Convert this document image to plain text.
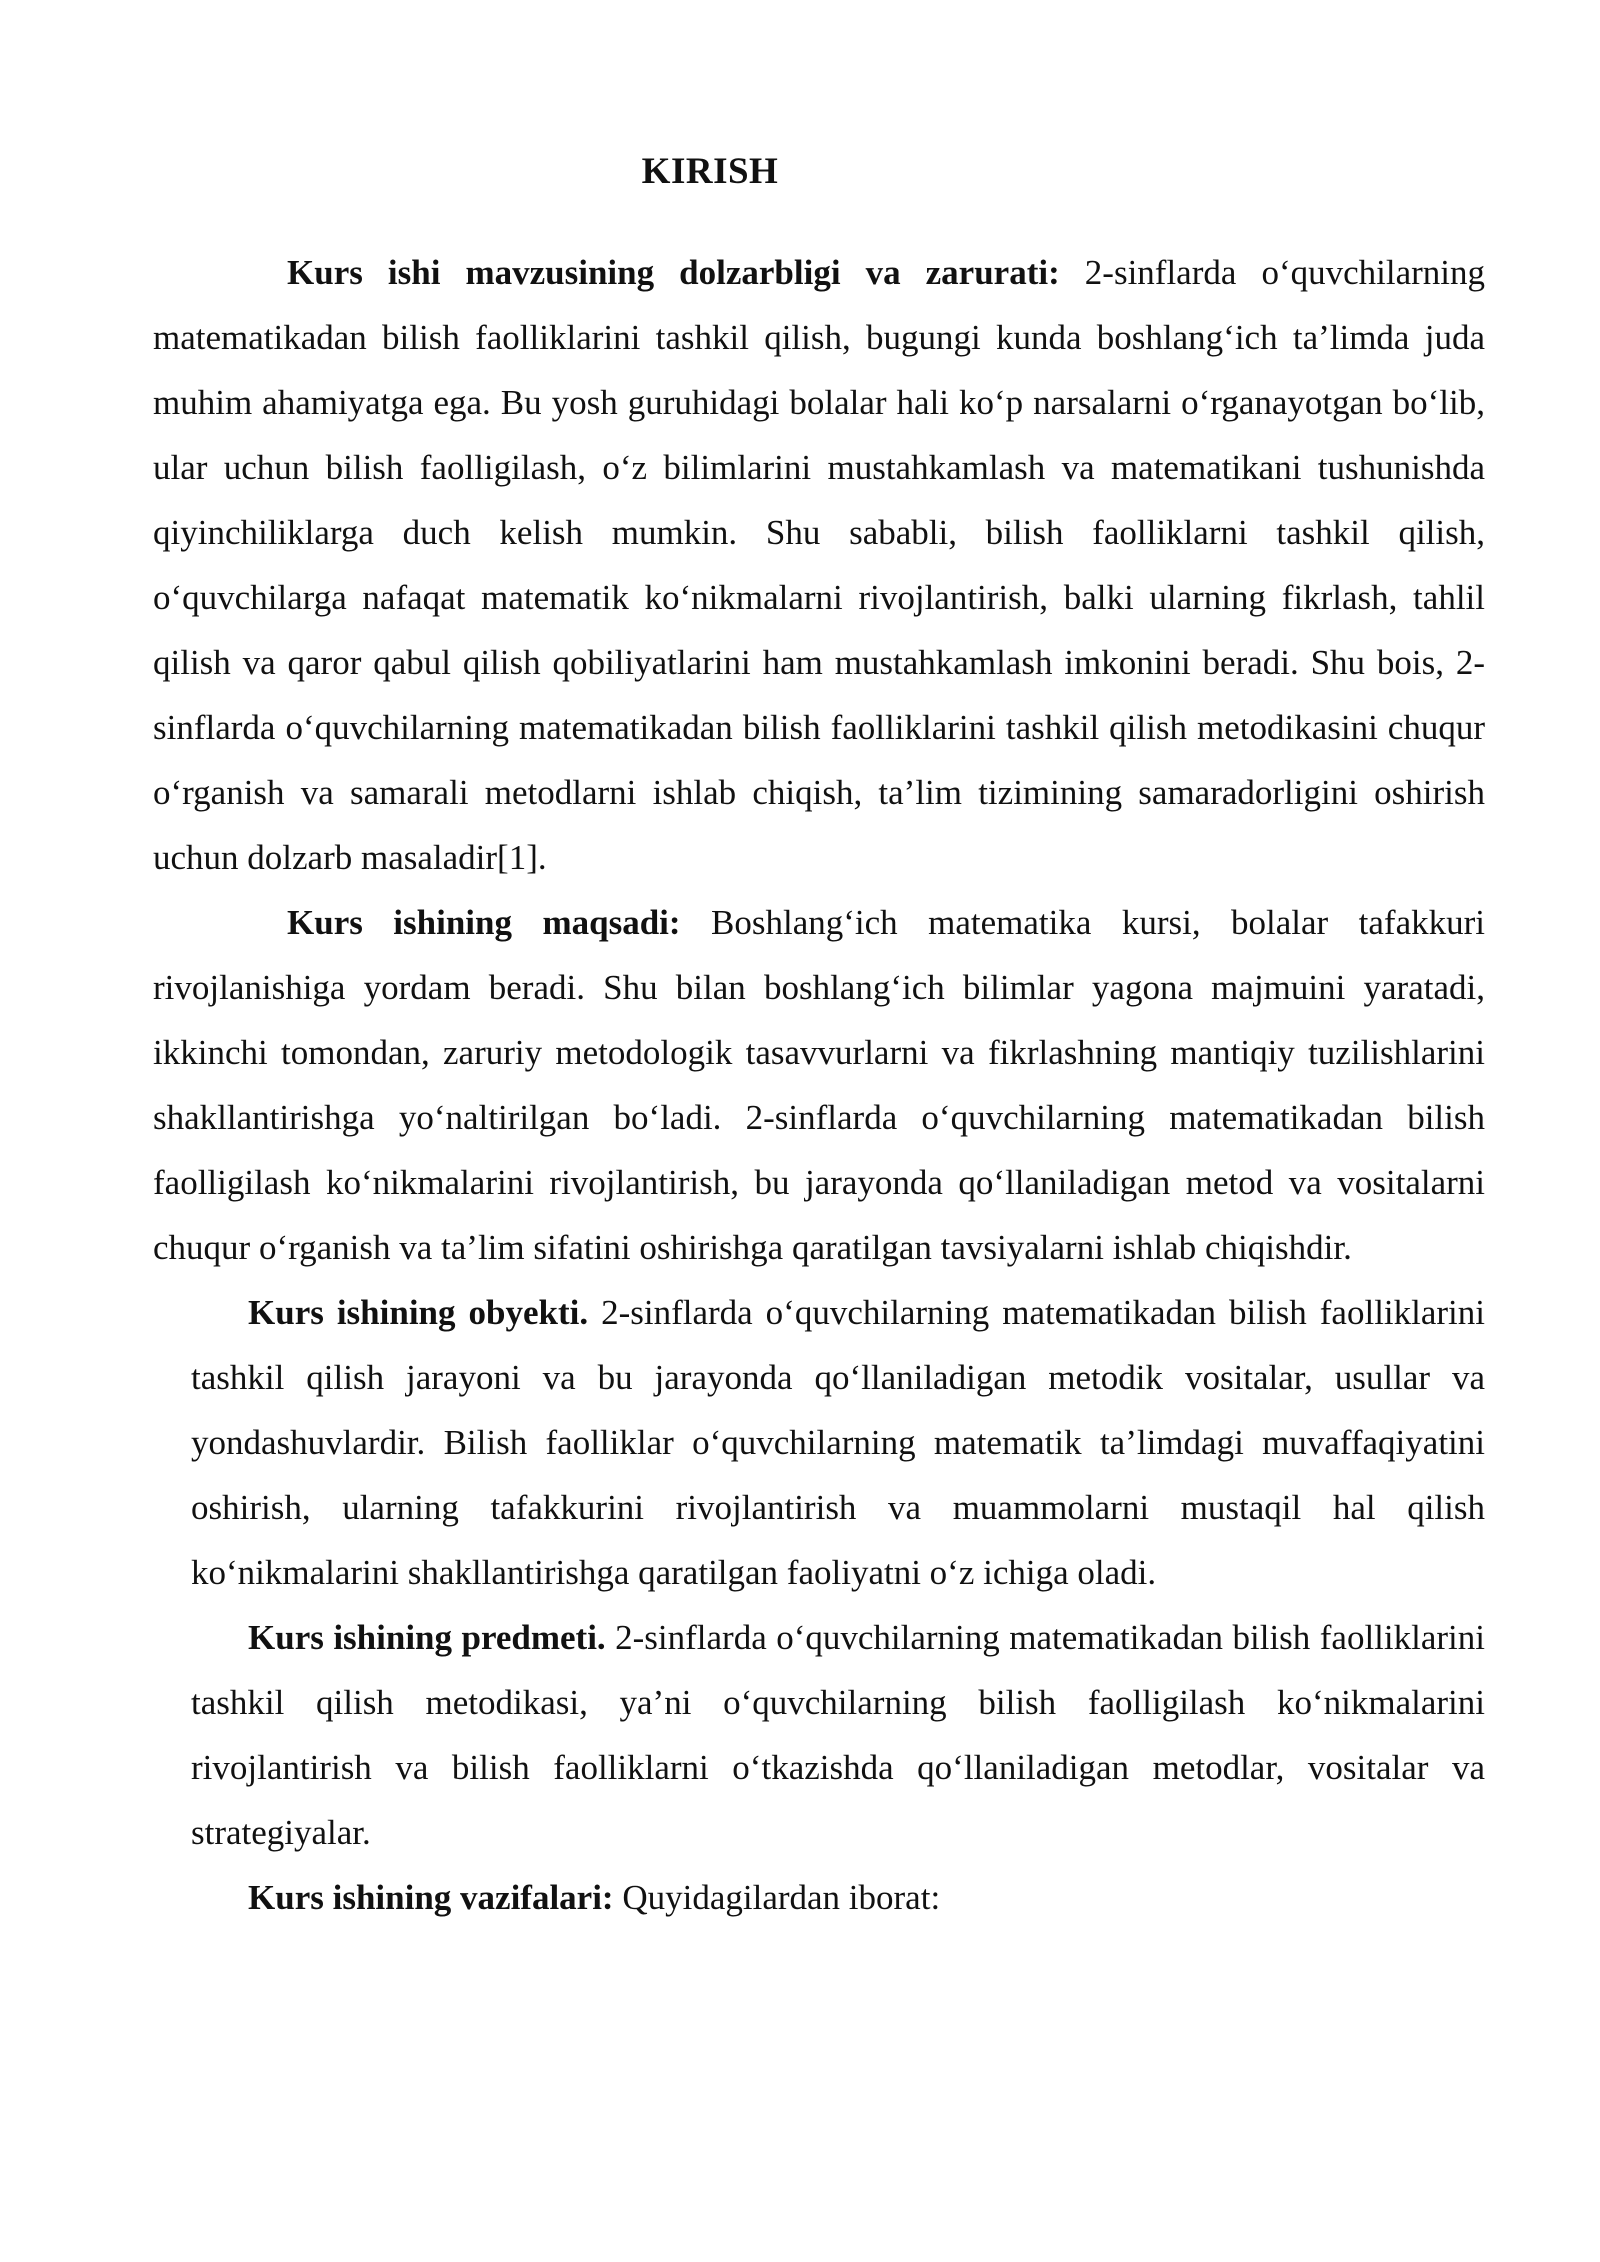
KIRISH

Kurs ishi mavzusining dolzarbligi va zarurati: 2-sinflarda o‘quvchilarning matematikadan bilish faolliklarini tashkil qilish, bugungi kunda boshlang‘ich ta’limda juda muhim ahamiyatga ega. Bu yosh guruhidagi bolalar hali ko‘p narsalarni o‘rganayotgan bo‘lib, ular uchun bilish faolligilash, o‘z bilimlarini mustahkamlash va matematikani tushunishda qiyinchiliklarga duch kelish mumkin. Shu sababli, bilish faolliklarni tashkil qilish, o‘quvchilarga nafaqat matematik ko‘nikmalarni rivojlantirish, balki ularning fikrlash, tahlil qilish va qaror qabul qilish qobiliyatlarini ham mustahkamlash imkonini beradi. Shu bois, 2-sinflarda o‘quvchilarning matematikadan bilish faolliklarini tashkil qilish metodikasini chuqur o‘rganish va samarali metodlarni ishlab chiqish, ta’lim tizimining samaradorligini oshirish uchun dolzarb masaladir[1].

Kurs ishining maqsadi: Boshlang‘ich matematika kursi, bolalar tafakkuri rivojlanishiga yordam beradi. Shu bilan boshlang‘ich bilimlar yagona majmuini yaratadi, ikkinchi tomondan, zaruriy metodologik tasavvurlarni va fikrlashning mantiqiy tuzilishlarini shakllantirishga yo‘naltirilgan bo‘ladi. 2-sinflarda o‘quvchilarning matematikadan bilish faolligilash ko‘nikmalarini rivojlantirish, bu jarayonda qo‘llaniladigan metod va vositalarni chuqur o‘rganish va ta’lim sifatini oshirishga qaratilgan tavsiyalarni ishlab chiqishdir.

Kurs ishining obyekti. 2-sinflarda o‘quvchilarning matematikadan bilish faolliklarini tashkil qilish jarayoni va bu jarayonda qo‘llaniladigan metodik vositalar, usullar va yondashuvlardir. Bilish faolliklar o‘quvchilarning matematik ta’limdagi muvaffaqiyatini oshirish, ularning tafakkurini rivojlantirish va muammolarni mustaqil hal qilish ko‘nikmalarini shakllantirishga qaratilgan faoliyatni o‘z ichiga oladi.

Kurs ishining predmeti. 2-sinflarda o‘quvchilarning matematikadan bilish faolliklarini tashkil qilish metodikasi, ya’ni o‘quvchilarning bilish faolligilash ko‘nikmalarini rivojlantirish va bilish faolliklarni o‘tkazishda qo‘llaniladigan metodlar, vositalar va strategiyalar.

Kurs ishining vazifalari: Quyidagilardan iborat:
